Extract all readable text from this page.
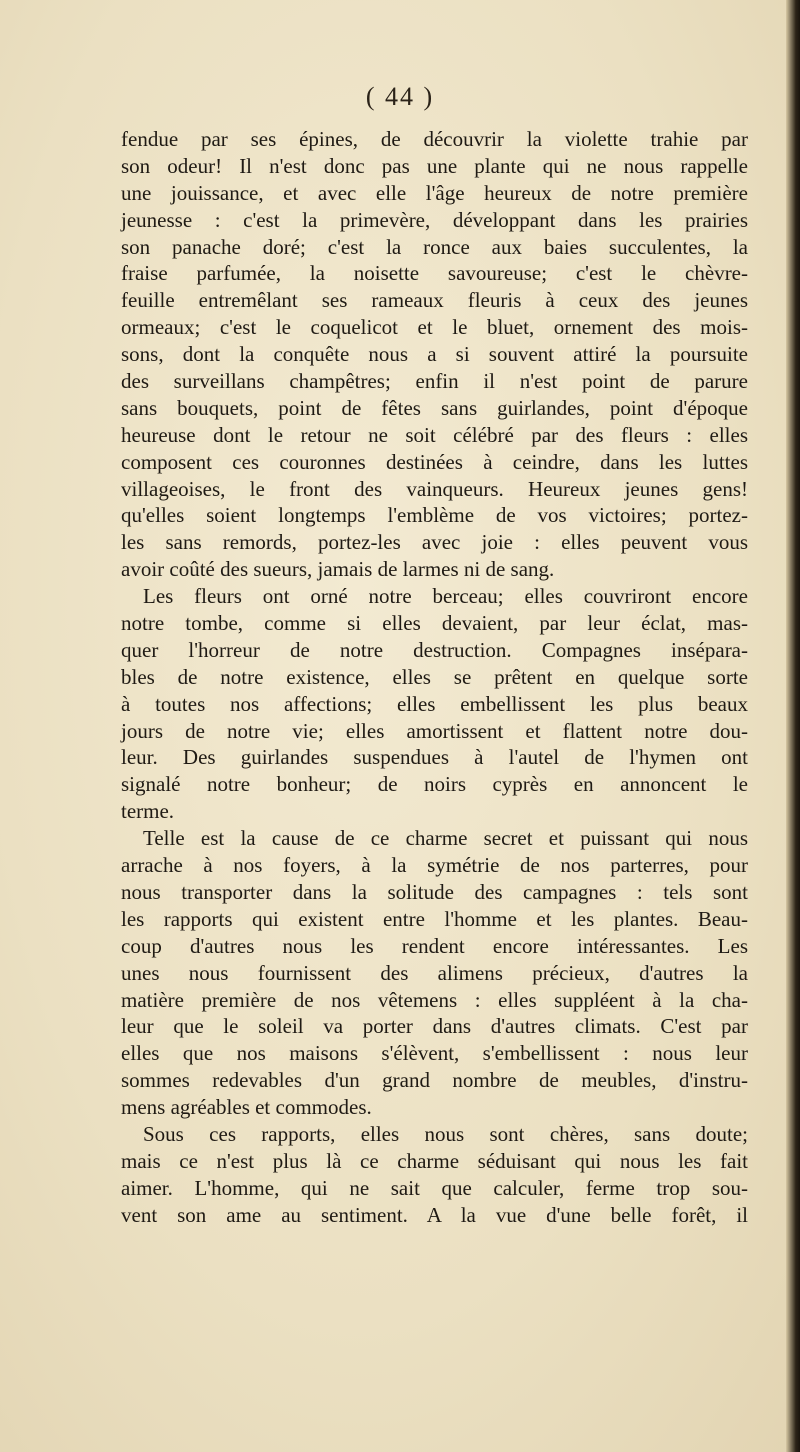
( 44 )
fendue par ses épines, de découvrir la violette trahie par
son odeur! Il n'est donc pas une plante qui ne nous rappelle
une jouissance, et avec elle l'âge heureux de notre première
jeunesse : c'est la primevère, développant dans les prairies
son panache doré; c'est la ronce aux baies succulentes, la
fraise parfumée, la noisette savoureuse; c'est le chèvre-
feuille entremêlant ses rameaux fleuris à ceux des jeunes
ormeaux; c'est le coquelicot et le bluet, ornement des mois-
sons, dont la conquête nous a si souvent attiré la poursuite
des surveillans champêtres; enfin il n'est point de parure
sans bouquets, point de fêtes sans guirlandes, point d'époque
heureuse dont le retour ne soit célébré par des fleurs : elles
composent ces couronnes destinées à ceindre, dans les luttes
villageoises, le front des vainqueurs. Heureux jeunes gens!
qu'elles soient longtemps l'emblème de vos victoires; portez-
les sans remords, portez-les avec joie : elles peuvent vous
avoir coûté des sueurs, jamais de larmes ni de sang.
Les fleurs ont orné notre berceau; elles couvriront encore
notre tombe, comme si elles devaient, par leur éclat, mas-
quer l'horreur de notre destruction. Compagnes insépara-
bles de notre existence, elles se prêtent en quelque sorte
à toutes nos affections; elles embellissent les plus beaux
jours de notre vie; elles amortissent et flattent notre dou-
leur. Des guirlandes suspendues à l'autel de l'hymen ont
signalé notre bonheur; de noirs cyprès en annoncent le
terme.
Telle est la cause de ce charme secret et puissant qui nous
arrache à nos foyers, à la symétrie de nos parterres, pour
nous transporter dans la solitude des campagnes : tels sont
les rapports qui existent entre l'homme et les plantes. Beau-
coup d'autres nous les rendent encore intéressantes. Les
unes nous fournissent des alimens précieux, d'autres la
matière première de nos vêtemens : elles suppléent à la cha-
leur que le soleil va porter dans d'autres climats. C'est par
elles que nos maisons s'élèvent, s'embellissent : nous leur
sommes redevables d'un grand nombre de meubles, d'instru-
mens agréables et commodes.
Sous ces rapports, elles nous sont chères, sans doute;
mais ce n'est plus là ce charme séduisant qui nous les fait
aimer. L'homme, qui ne sait que calculer, ferme trop sou-
vent son ame au sentiment. A la vue d'une belle forêt, il
